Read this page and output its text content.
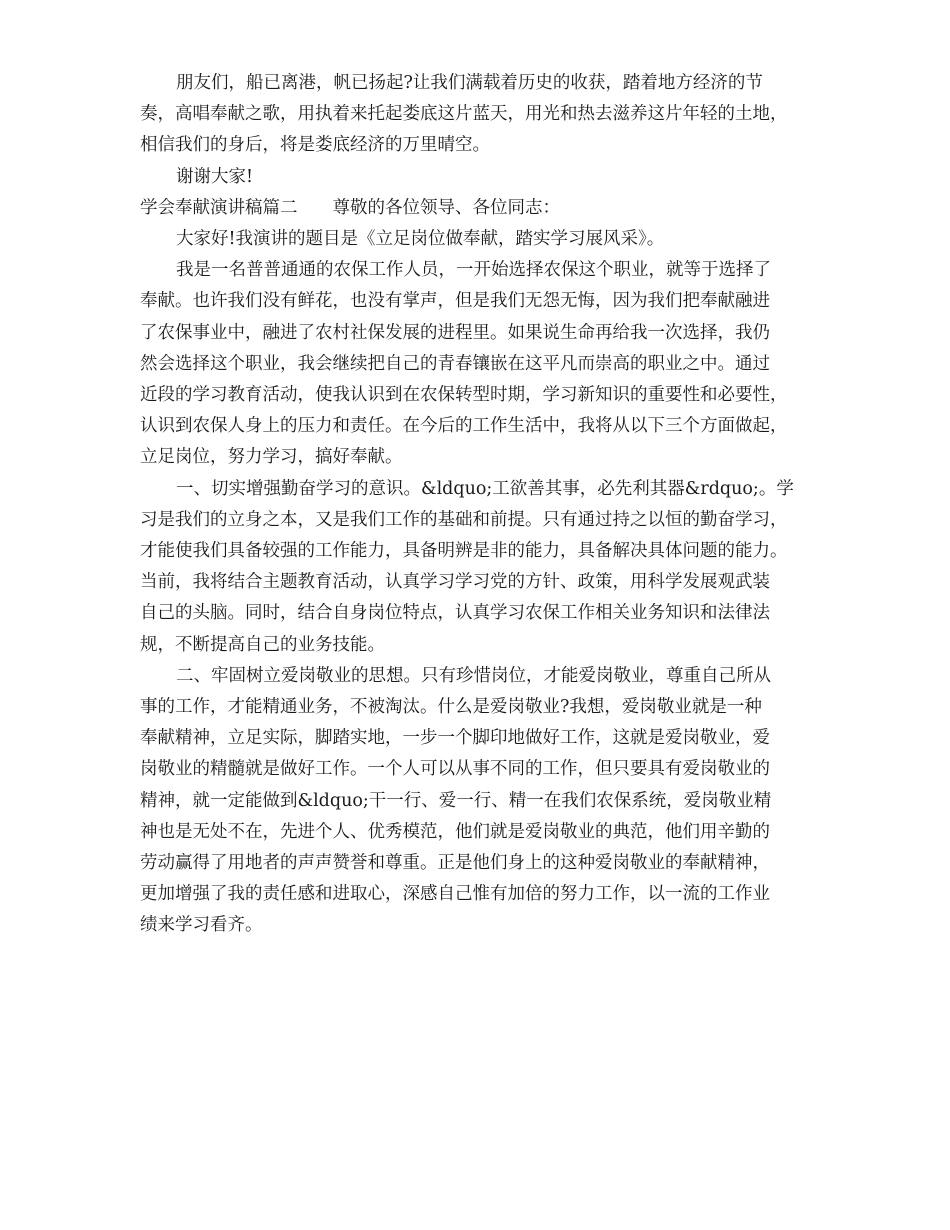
朋友们，船已离港，帆已扬起?让我们满载着历史的收获，踏着地方经济的节
奏，高唱奉献之歌，用执着来托起娄底这片蓝天，用光和热去滋养这片年轻的土地，
相信我们的身后，将是娄底经济的万里晴空。
谢谢大家!
学会奉献演讲稿篇二　　尊敬的各位领导、各位同志：
大家好!我演讲的题目是《立足岗位做奉献，踏实学习展风采》。
我是一名普普通通的农保工作人员，一开始选择农保这个职业，就等于选择了
奉献。也许我们没有鲜花，也没有掌声，但是我们无怨无悔，因为我们把奉献融进
了农保事业中，融进了农村社保发展的进程里。如果说生命再给我一次选择，我仍
然会选择这个职业，我会继续把自己的青春镶嵌在这平凡而崇高的职业之中。通过
近段的学习教育活动，使我认识到在农保转型时期，学习新知识的重要性和必要性，
认识到农保人身上的压力和责任。在今后的工作生活中，我将从以下三个方面做起，
立足岗位，努力学习，搞好奉献。
一、切实增强勤奋学习的意识。&ldquo;工欲善其事，必先利其器&rdquo;。学
习是我们的立身之本，又是我们工作的基础和前提。只有通过持之以恒的勤奋学习，
才能使我们具备较强的工作能力，具备明辨是非的能力，具备解决具体问题的能力。
当前，我将结合主题教育活动，认真学习学习党的方针、政策，用科学发展观武装
自己的头脑。同时，结合自身岗位特点，认真学习农保工作相关业务知识和法律法
规，不断提高自己的业务技能。
二、牢固树立爱岗敬业的思想。只有珍惜岗位，才能爱岗敬业，尊重自己所从
事的工作，才能精通业务，不被淘汰。什么是爱岗敬业?我想，爱岗敬业就是一种
奉献精神，立足实际，脚踏实地，一步一个脚印地做好工作，这就是爱岗敬业，爱
岗敬业的精髓就是做好工作。一个人可以从事不同的工作，但只要具有爱岗敬业的
精神，就一定能做到&ldquo;干一行、爱一行、精一在我们农保系统，爱岗敬业精
神也是无处不在，先进个人、优秀模范，他们就是爱岗敬业的典范，他们用辛勤的
劳动赢得了用地者的声声赞誉和尊重。正是他们身上的这种爱岗敬业的奉献精神，
更加增强了我的责任感和进取心，深感自己惟有加倍的努力工作，以一流的工作业
绩来学习看齐。
